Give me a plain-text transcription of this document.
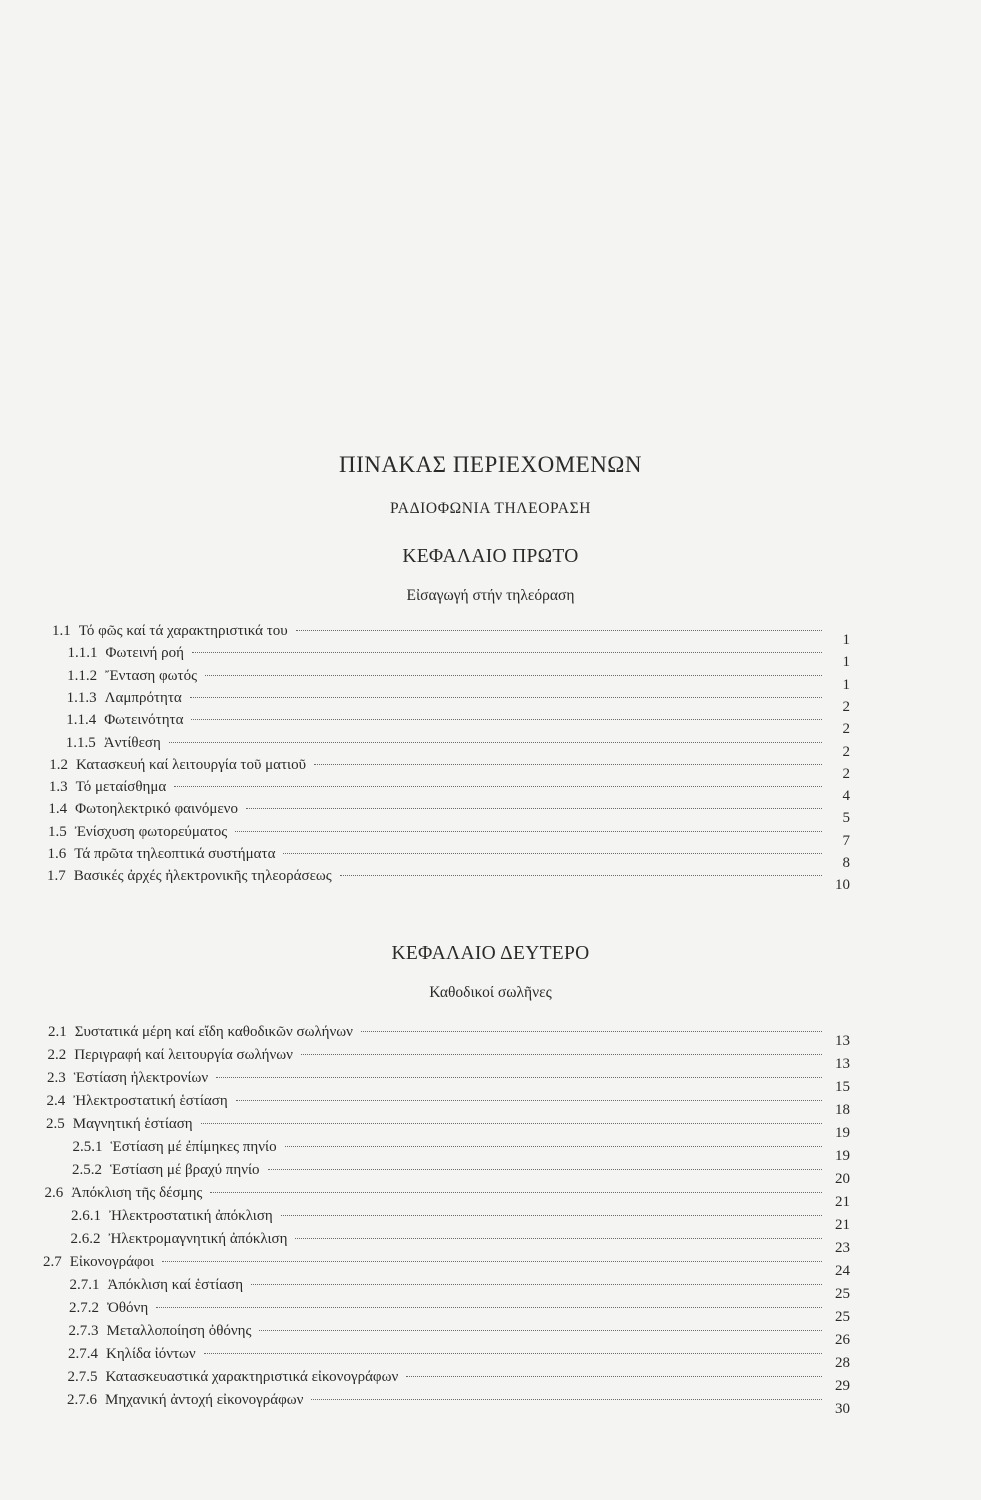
ΠΙΝΑΚΑΣ ΠΕΡΙΕΧΟΜΕΝΩΝ
ΡΑΔΙΟΦΩΝΙΑ ΤΗΛΕΟΡΑΣΗ
ΚΕΦΑΛΑΙΟ ΠΡΩΤΟ
Εἰσαγωγή στήν τηλεόραση
1.1 Τό φῶς καί τά χαρακτηριστικά του
1
1.1.1 Φωτεινή ροή
1
1.1.2 Ἔνταση φωτός
1
1.1.3 Λαμπρότητα
2
1.1.4 Φωτεινότητα
2
1.1.5 Ἀντίθεση
2
1.2 Κατασκευή καί λειτουργία τοῦ ματιοῦ
2
1.3 Τό μεταίσθημα
4
1.4 Φωτοηλεκτρικό φαινόμενο
5
1.5 Ἐνίσχυση φωτορεύματος
7
1.6 Τά πρῶτα τηλεοπτικά συστήματα
8
1.7 Βασικές ἀρχές ἠλεκτρονικῆς τηλεοράσεως
10
ΚΕΦΑΛΑΙΟ ΔΕΥΤΕΡΟ
Καθοδικοί σωλῆνες
2.1 Συστατικά μέρη καί εἴδη καθοδικῶν σωλήνων
13
2.2 Περιγραφή καί λειτουργία σωλήνων
13
2.3 Ἑστίαση ἠλεκτρονίων
15
2.4 Ἠλεκτροστατική ἑστίαση
18
2.5 Μαγνητική ἑστίαση
19
2.5.1 Ἑστίαση μέ ἐπίμηκες πηνίο
19
2.5.2 Ἑστίαση μέ βραχύ πηνίο
20
2.6 Ἀπόκλιση τῆς δέσμης
21
2.6.1 Ἠλεκτροστατική ἀπόκλιση
21
2.6.2 Ἠλεκτρομαγνητική ἀπόκλιση
23
2.7 Εἰκονογράφοι
24
2.7.1 Ἀπόκλιση καί ἑστίαση
25
2.7.2 Ὀθόνη
25
2.7.3 Μεταλλοποίηση ὀθόνης
26
2.7.4 Κηλίδα ἰόντων
28
2.7.5 Κατασκευαστικά χαρακτηριστικά εἰκονογράφων
29
2.7.6 Μηχανική ἀντοχή εἰκονογράφων
30
